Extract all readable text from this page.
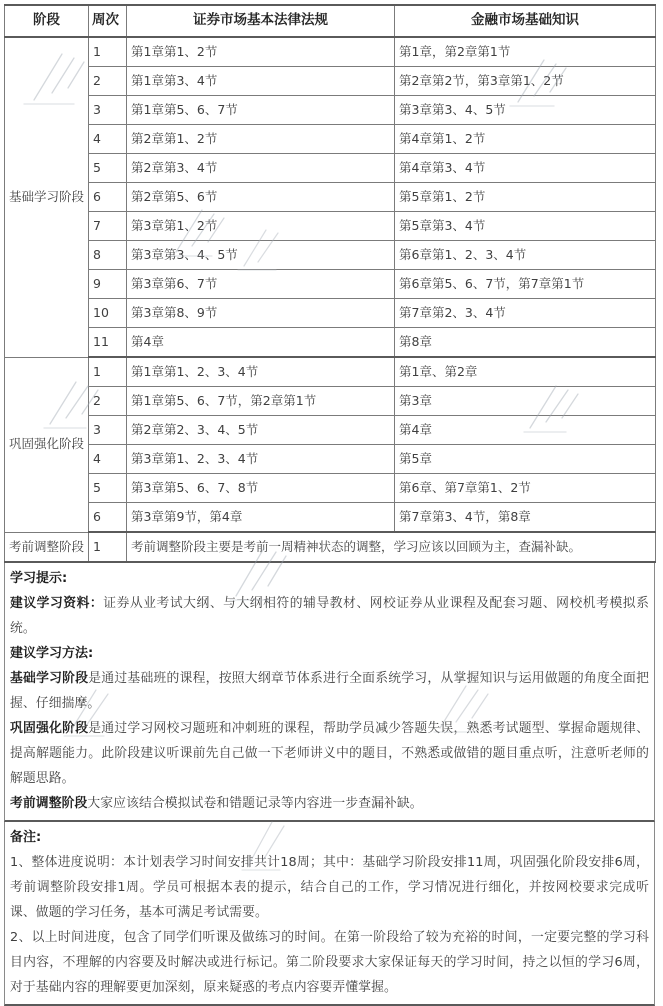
阶段	周次	证券市场基本法律法规	金融市场基础知识
基础学习阶段	1	第1章第1、2节	第1章，第2章第1节
	2	第1章第3、4节	第2章第2节，第3章第1、2节
	3	第1章第5、6、7节	第3章第3、4、5节
	4	第2章第1、2节	第4章第1、2节
	5	第2章第3、4节	第4章第3、4节
	6	第2章第5、6节	第5章第1、2节
	7	第3章第1、2节	第5章第3、4节
	8	第3章第3、4、5节	第6章第1、2、3、4节
	9	第3章第6、7节	第6章第5、6、7节，第7章第1节
	10	第3章第8、9节	第7章第2、3、4节
	11	第4章	第8章
巩固强化阶段	1	第1章第1、2、3、4节	第1章、第2章
	2	第1章第5、6、7节，第2章第1节	第3章
	3	第2章第2、3、4、5节	第4章
	4	第3章第1、2、3、4节	第5章
	5	第3章第5、6、7、8节	第6章、第7章第1、2节
	6	第3章第9节，第4章	第7章第3、4节，第8章
考前调整阶段	1	考前调整阶段主要是考前一周精神状态的调整，学习应该以回顾为主，查漏补缺。	

学习提示:

建议学习资料：证券从业考试大纲、与大纲相符的辅导教材、网校证券从业课程及配套习题、网校机考模拟系统。

建议学习方法:

基础学习阶段是通过基础班的课程，按照大纲章节体系进行全面系统学习，从掌握知识与运用做题的角度全面把握、仔细揣摩。

巩固强化阶段是通过学习网校习题班和冲刺班的课程，帮助学员减少答题失误，熟悉考试题型、掌握命题规律、提高解题能力。此阶段建议听课前先自己做一下老师讲义中的题目，不熟悉或做错的题目重点听，注意听老师的解题思路。

考前调整阶段大家应该结合模拟试卷和错题记录等内容进一步查漏补缺。

备注:

1、整体进度说明：本计划表学习时间安排共计18周；其中：基础学习阶段安排11周，巩固强化阶段安排6周，考前调整阶段安排1周。学员可根据本表的提示，结合自己的工作，学习情况进行细化，并按网校要求完成听课、做题的学习任务，基本可满足考试需要。

2、以上时间进度，包含了同学们听课及做练习的时间。在第一阶段给了较为充裕的时间，一定要完整的学习科目内容，不理解的内容要及时解决或进行标记。第二阶段要求大家保证每天的学习时间，持之以恒的学习6周，对于基础内容的理解要更加深刻，原来疑惑的考点内容要弄懂掌握。
